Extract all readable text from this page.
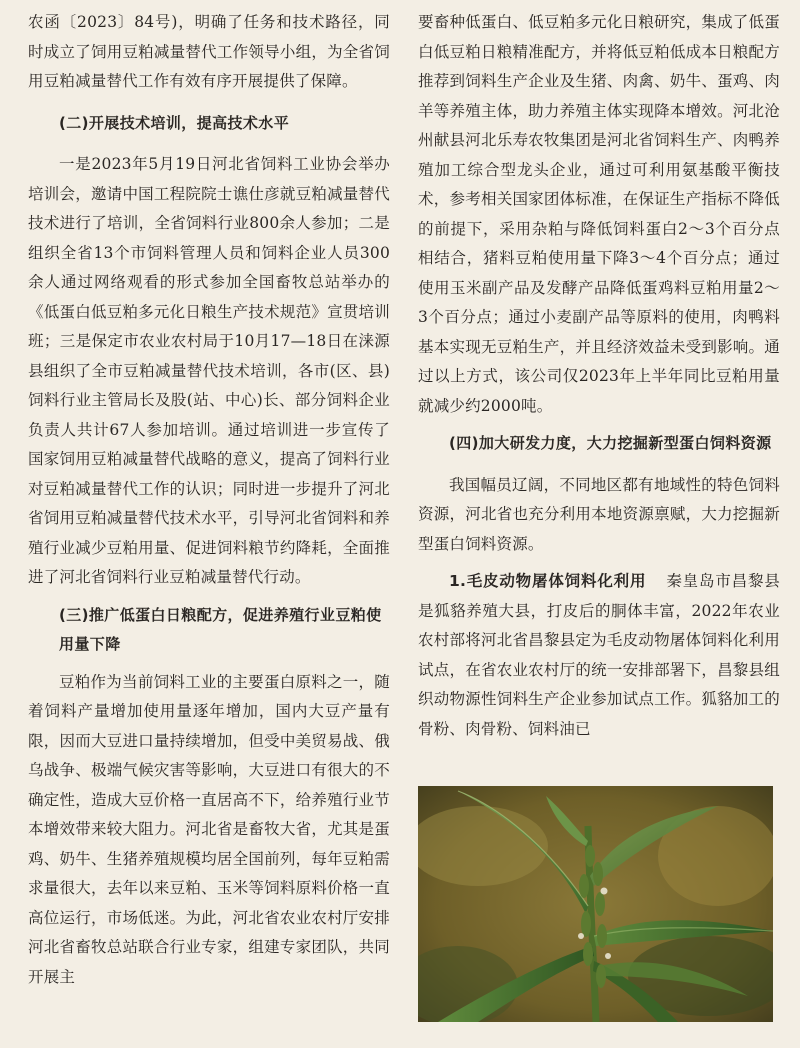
农函〔2023〕84号)，明确了任务和技术路径，同时成立了饲用豆粕减量替代工作领导小组，为全省饲用豆粕减量替代工作有效有序开展提供了保障。

(二)开展技术培训，提高技术水平

一是2023年5月19日河北省饲料工业协会举办培训会，邀请中国工程院院士谯仕彦就豆粕减量替代技术进行了培训，全省饲料行业800余人参加；二是组织全省13个市饲料管理人员和饲料企业人员300余人通过网络观看的形式参加全国畜牧总站举办的《低蛋白低豆粕多元化日粮生产技术规范》宣贯培训班；三是保定市农业农村局于10月17—18日在涞源县组织了全市豆粕减量替代技术培训，各市(区、县)饲料行业主管局长及股(站、中心)长、部分饲料企业负责人共计67人参加培训。通过培训进一步宣传了国家饲用豆粕减量替代战略的意义，提高了饲料行业对豆粕减量替代工作的认识；同时进一步提升了河北省饲用豆粕减量替代技术水平，引导河北省饲料和养殖行业减少豆粕用量、促进饲料粮节约降耗，全面推进了河北省饲料行业豆粕减量替代行动。

(三)推广低蛋白日粮配方，促进养殖行业豆粕使用量下降

豆粕作为当前饲料工业的主要蛋白原料之一，随着饲料产量增加使用量逐年增加，国内大豆产量有限，因而大豆进口量持续增加，但受中美贸易战、俄乌战争、极端气候灾害等影响，大豆进口有很大的不确定性，造成大豆价格一直居高不下，给养殖行业节本增效带来较大阻力。河北省是畜牧大省，尤其是蛋鸡、奶牛、生猪养殖规模均居全国前列，每年豆粕需求量很大，去年以来豆粕、玉米等饲料原料价格一直高位运行，市场低迷。为此，河北省农业农村厅安排河北省畜牧总站联合行业专家，组建专家团队，共同开展主

要畜种低蛋白、低豆粕多元化日粮研究，集成了低蛋白低豆粕日粮精准配方，并将低豆粕低成本日粮配方推荐到饲料生产企业及生猪、肉禽、奶牛、蛋鸡、肉羊等养殖主体，助力养殖主体实现降本增效。河北沧州献县河北乐寿农牧集团是河北省饲料生产、肉鸭养殖加工综合型龙头企业，通过可利用氨基酸平衡技术，参考相关国家团体标准，在保证生产指标不降低的前提下，采用杂粕与降低饲料蛋白2～3个百分点相结合，猪料豆粕使用量下降3～4个百分点；通过使用玉米副产品及发酵产品降低蛋鸡料豆粕用量2～3个百分点；通过小麦副产品等原料的使用，肉鸭料基本实现无豆粕生产，并且经济效益未受到影响。通过以上方式，该公司仅2023年上半年同比豆粕用量就减少约2000吨。

(四)加大研发力度，大力挖掘新型蛋白饲料资源

我国幅员辽阔，不同地区都有地域性的特色饲料资源，河北省也充分利用本地资源禀赋，大力挖掘新型蛋白饲料资源。

1.毛皮动物屠体饲料化利用 秦皇岛市昌黎县是狐貉养殖大县，打皮后的胴体丰富，2022年农业农村部将河北省昌黎县定为毛皮动物屠体饲料化利用试点，在省农业农村厅的统一安排部署下，昌黎县组织动物源性饲料生产企业参加试点工作。狐貉加工的骨粉、肉骨粉、饲料油已
